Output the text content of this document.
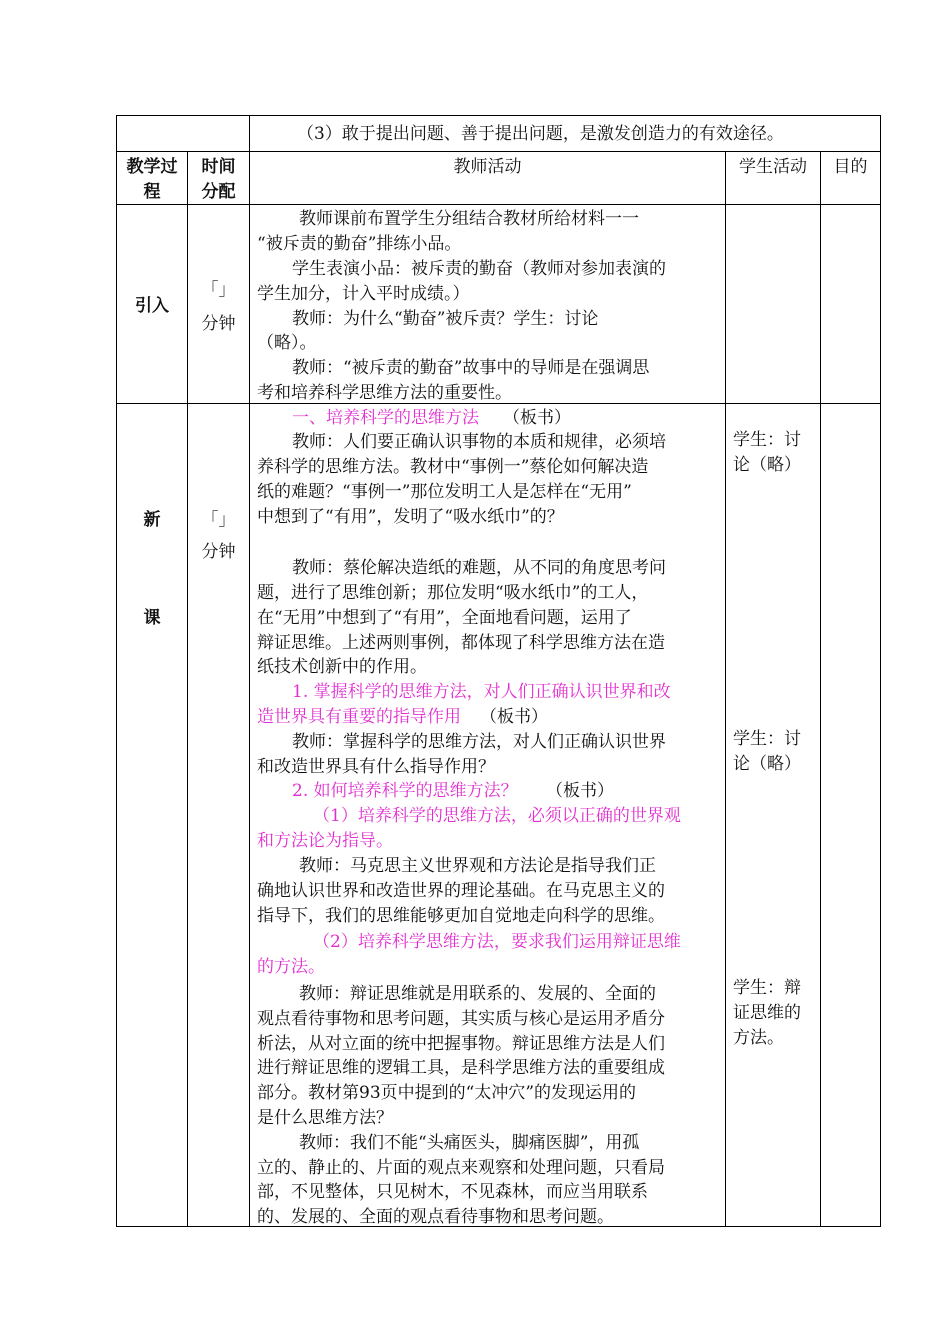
（3）敢于提出问题、善于提出问题，是激发创造力的有效途径。
教学过
程
时间
分配
教师活动	学生活动	目的
引入
「」
分钟
教师课前布置学生分组结合教材所给材料一一
“被斥责的勤奋”排练小品。
学生表演小品：被斥责的勤奋（教师对参加表演的
学生加分，计入平时成绩。）
教师：为什么“勤奋”被斥责？学生：讨论
（略）。
教师：“被斥责的勤奋”故事中的导师是在强调思
考和培养科学思维方法的重要性。
新
课
「」
分钟
一、培养科学的思维方法 （板书）
教师：人们要正确认识事物的本质和规律，必须培
养科学的思维方法。教材中“事例一”蔡伦如何解决造
纸的难题？“事例一”那位发明工人是怎样在“无用”
中想到了“有用”，发明了“吸水纸巾”的？
教师：蔡伦解决造纸的难题，从不同的角度思考问
题，进行了思维创新；那位发明“吸水纸巾”的工人，
在“无用”中想到了“有用”，全面地看问题，运用了
辩证思维。上述两则事例，都体现了科学思维方法在造
纸技术创新中的作用。
1. 掌握科学的思维方法，对人们正确认识世界和改
造世界具有重要的指导作用 （板书）
教师：掌握科学的思维方法，对人们正确认识世界
和改造世界具有什么指导作用？
2. 如何培养科学的思维方法？ （板书）
（1）培养科学的思维方法，必须以正确的世界观
和方法论为指导。
教师：马克思主义世界观和方法论是指导我们正
确地认识世界和改造世界的理论基础。在马克思主义的
指导下，我们的思维能够更加自觉地走向科学的思维。
（2）培养科学思维方法，要求我们运用辩证思维
的方法。
教师：辩证思维就是用联系的、发展的、全面的
观点看待事物和思考问题，其实质与核心是运用矛盾分
析法，从对立面的统中把握事物。辩证思维方法是人们
进行辩证思维的逻辑工具，是科学思维方法的重要组成
部分。教材第93页中提到的“太冲穴”的发现运用的
是什么思维方法？
教师：我们不能“头痛医头，脚痛医脚”，用孤
立的、静止的、片面的观点来观察和处理问题，只看局
部，不见整体，只见树木，不见森林，而应当用联系
的、发展的、全面的观点看待事物和思考问题。
学生：讨
论（略）
学生：讨
论（略）
学生：辩
证思维的
方法。
